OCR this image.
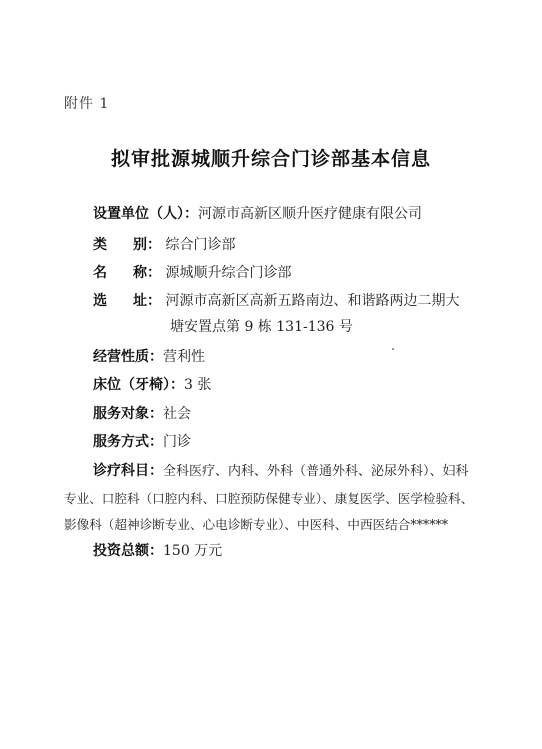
附件 1
拟审批源城顺升综合门诊部基本信息
设置单位（人）：河源市高新区顺升医疗健康有限公司
类 别： 综合门诊部
名 称： 源城顺升综合门诊部
选 址： 河源市高新区高新五路南边、和谐路两边二期大
塘安置点第 9 栋 131-136 号
经营性质：营利性
床位（牙椅）：3 张
服务对象：社会
服务方式：门诊
诊疗科目：全科医疗、内科、外科（普通外科、泌尿外科）、妇科
专业、口腔科（口腔内科、口腔预防保健专业）、康复医学、医学检验科、
影像科（超神诊断专业、心电诊断专业）、中医科、中西医结合******
投资总额：150 万元
